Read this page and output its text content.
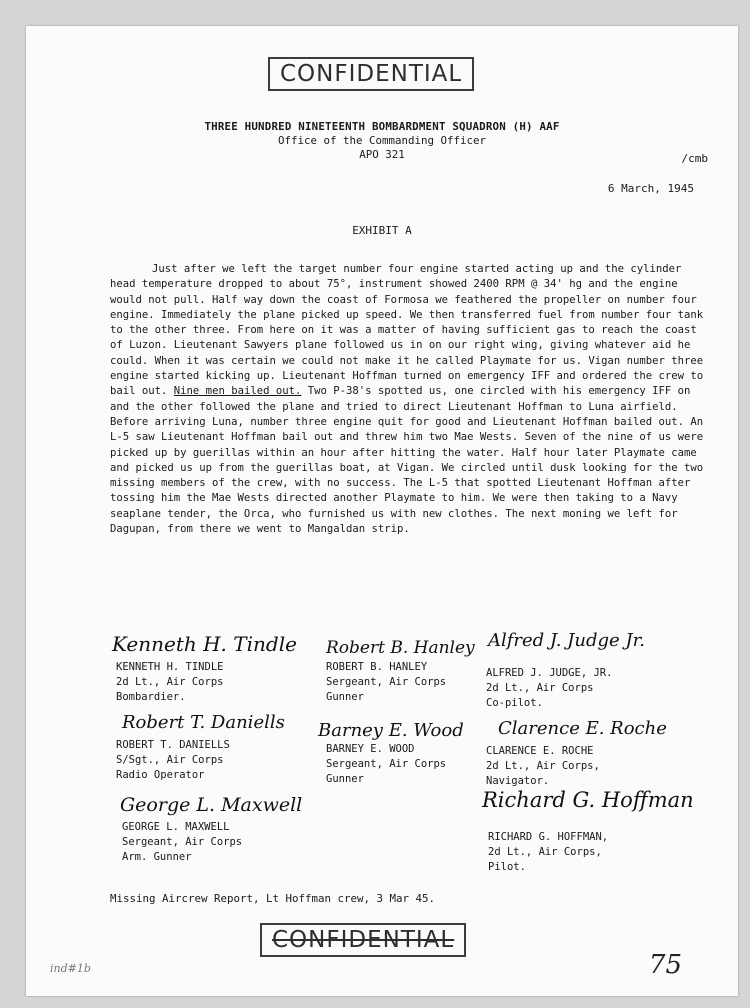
CONFIDENTIAL
THREE HUNDRED NINETEENTH BOMBARDMENT SQUADRON (H) AAF
Office of the Commanding Officer
APO 321	/cmb
6 March, 1945
EXHIBIT A
Just after we left the target number four engine started acting up and the cylinder head temperature dropped to about 75°, instrument showed 2400 RPM @ 34' hg and the engine would not pull. Half way down the coast of Formosa we feathered the propeller on number four engine. Immediately the plane picked up speed. We then transferred fuel from number four tank to the other three. From here on it was a matter of having sufficient gas to reach the coast of Luzon. Lieutenant Sawyers plane followed us in on our right wing, giving whatever aid he could. When it was certain we could not make it he called Playmate for us. Vigan number three engine started kicking up. Lieutenant Hoffman turned on emergency IFF and ordered the crew to bail out. Nine men bailed out. Two P-38's spotted us, one circled with his emergency IFF on and the other followed the plane and tried to direct Lieutenant Hoffman to Luna airfield. Before arriving Luna, number three engine quit for good and Lieutenant Hoffman bailed out. An L-5 saw Lieutenant Hoffman bail out and threw him two Mae Wests. Seven of the nine of us were picked up by guerillas within an hour after hitting the water. Half hour later Playmate came and picked us up from the guerillas boat, at Vigan. We circled until dusk looking for the two missing members of the crew, with no success. The L-5 that spotted Lieutenant Hoffman after tossing him the Mae Wests directed another Playmate to him. We were then taking to a Navy seaplane tender, the Orca, who furnished us with new clothes. The next moning we left for Dagupan, from there we went to Mangaldan strip.
Kenneth H. Tindle
KENNETH H. TINDLE
2d Lt., Air Corps
Bombardier.
Robert T. Daniells
ROBERT T. DANIELLS
S/Sgt., Air Corps
Radio Operator
George L. Maxwell
GEORGE L. MAXWELL
Sergeant, Air Corps
Arm. Gunner
Robert B. Hanley
ROBERT B. HANLEY
Sergeant, Air Corps
Gunner
Barney E. Wood
BARNEY E. WOOD
Sergeant, Air Corps
Gunner
Alfred J. Judge Jr.
ALFRED J. JUDGE, JR.
2d Lt., Air Corps
Co-pilot.
Clarence E. Roche
CLARENCE E. ROCHE
2d Lt., Air Corps,
Navigator.
Richard G. Hoffman
RICHARD G. HOFFMAN,
2d Lt., Air Corps,
Pilot.
Missing Aircrew Report, Lt Hoffman crew, 3 Mar 45.
CONFIDENTIAL
ind#1b	75
